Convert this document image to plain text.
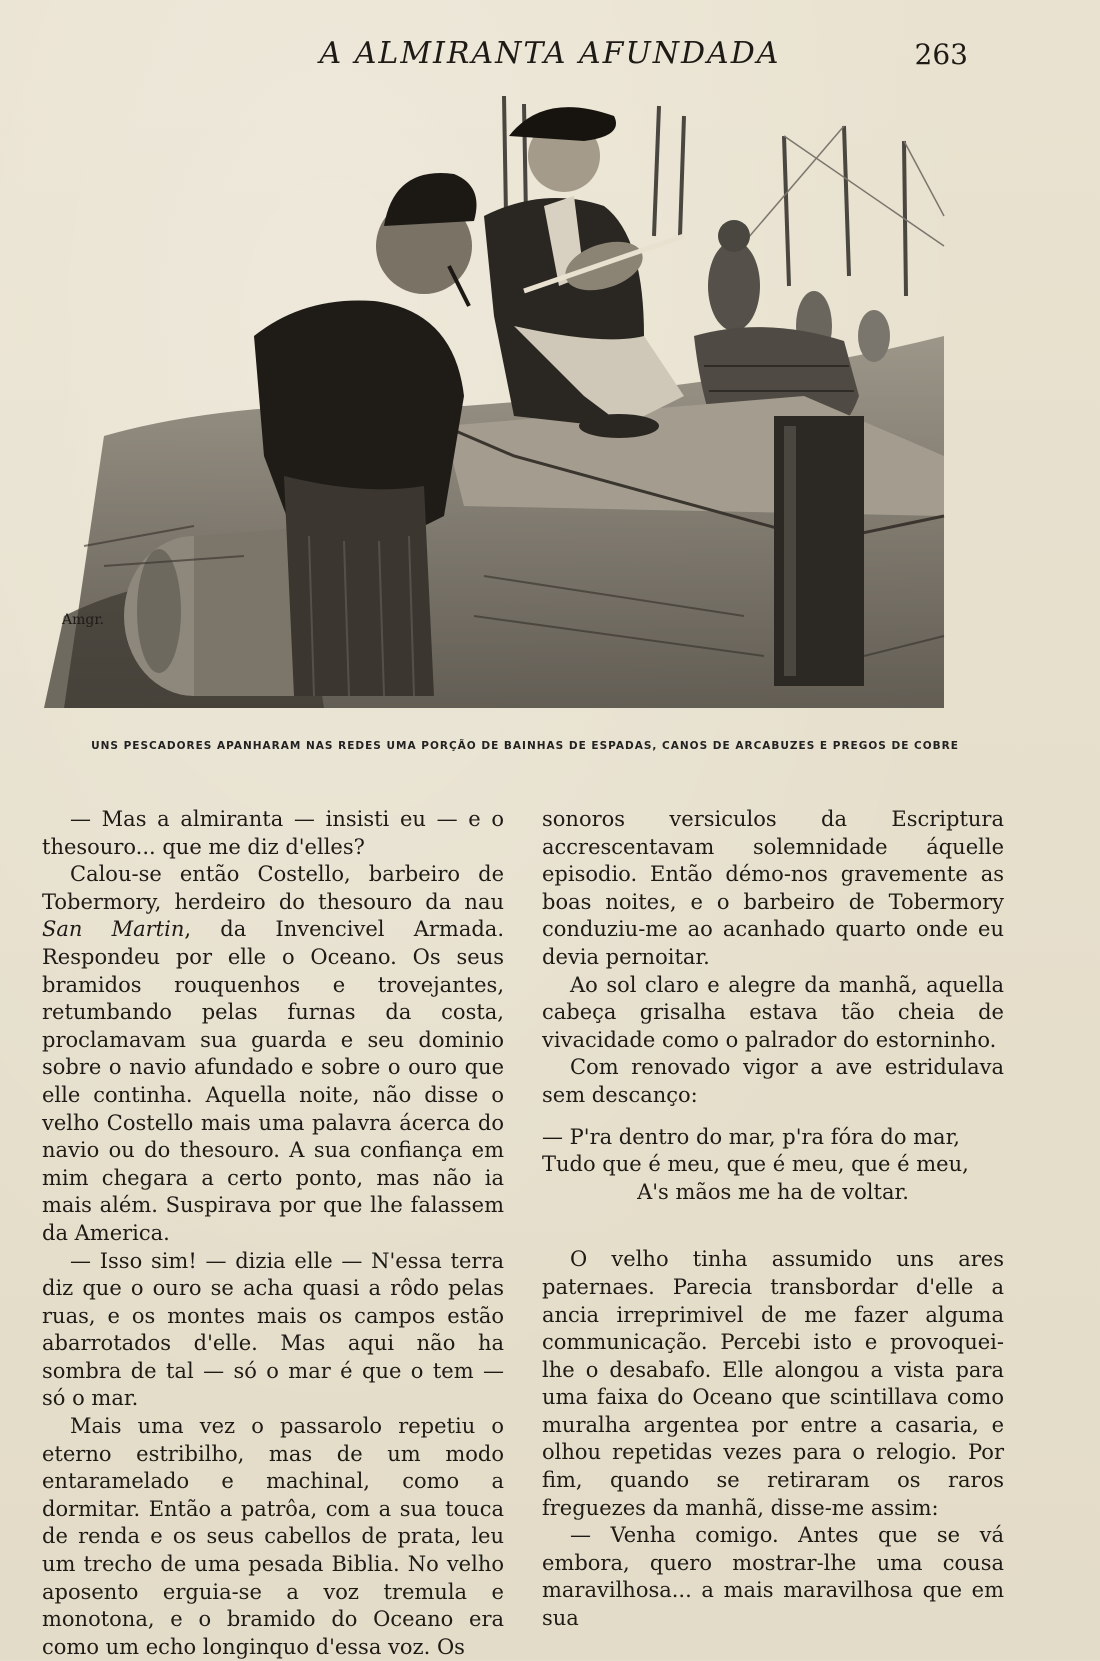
A ALMIRANTA AFUNDADA	263
Amgr.
UNS PESCADORES APANHARAM NAS REDES UMA PORÇÃO DE BAINHAS DE ESPADAS, CANOS DE ARCABUZES E PREGOS DE COBRE

— Mas a almiranta — insisti eu — e o thesouro... que me diz d'elles?

Calou-se então Costello, barbeiro de Tobermory, herdeiro do thesouro da nau San Martin, da Invencivel Armada. Respondeu por elle o Oceano. Os seus bramidos rouquenhos e trovejantes, retumbando pelas furnas da costa, proclamavam sua guarda e seu dominio sobre o navio afundado e sobre o ouro que elle continha. Aquella noite, não disse o velho Costello mais uma palavra ácerca do navio ou do thesouro. A sua confiança em mim chegara a certo ponto, mas não ia mais além. Suspirava por que lhe falassem da America.

— Isso sim! — dizia elle — N'essa terra diz que o ouro se acha quasi a rôdo pelas ruas, e os montes mais os campos estão abarrotados d'elle. Mas aqui não ha sombra de tal — só o mar é que o tem — só o mar.

Mais uma vez o passarolo repetiu o eterno estribilho, mas de um modo entaramelado e machinal, como a dormitar. Então a patrôa, com a sua touca de renda e os seus cabellos de prata, leu um trecho de uma pesada Biblia. No velho aposento erguia-se a voz tremula e monotona, e o bramido do Oceano era como um echo longinquo d'essa voz. Os

sonoros versiculos da Escriptura accrescentavam solemnidade áquelle episodio. Então démo-nos gravemente as boas noites, e o barbeiro de Tobermory conduziu-me ao acanhado quarto onde eu devia pernoitar.

Ao sol claro e alegre da manhã, aquella cabeça grisalha estava tão cheia de vivacidade como o palrador do estorninho.

Com renovado vigor a ave estridulava sem descanço:

— P'ra dentro do mar, p'ra fóra do mar,
Tudo que é meu, que é meu, que é meu,
A's mãos me ha de voltar.

O velho tinha assumido uns ares paternaes. Parecia transbordar d'elle a ancia irreprimivel de me fazer alguma communicação. Percebi isto e provoquei-lhe o desabafo. Elle alongou a vista para uma faixa do Oceano que scintillava como muralha argentea por entre a casaria, e olhou repetidas vezes para o relogio. Por fim, quando se retiraram os raros freguezes da manhã, disse-me assim:

— Venha comigo. Antes que se vá embora, quero mostrar-lhe uma cousa maravilhosa... a mais maravilhosa que em sua
